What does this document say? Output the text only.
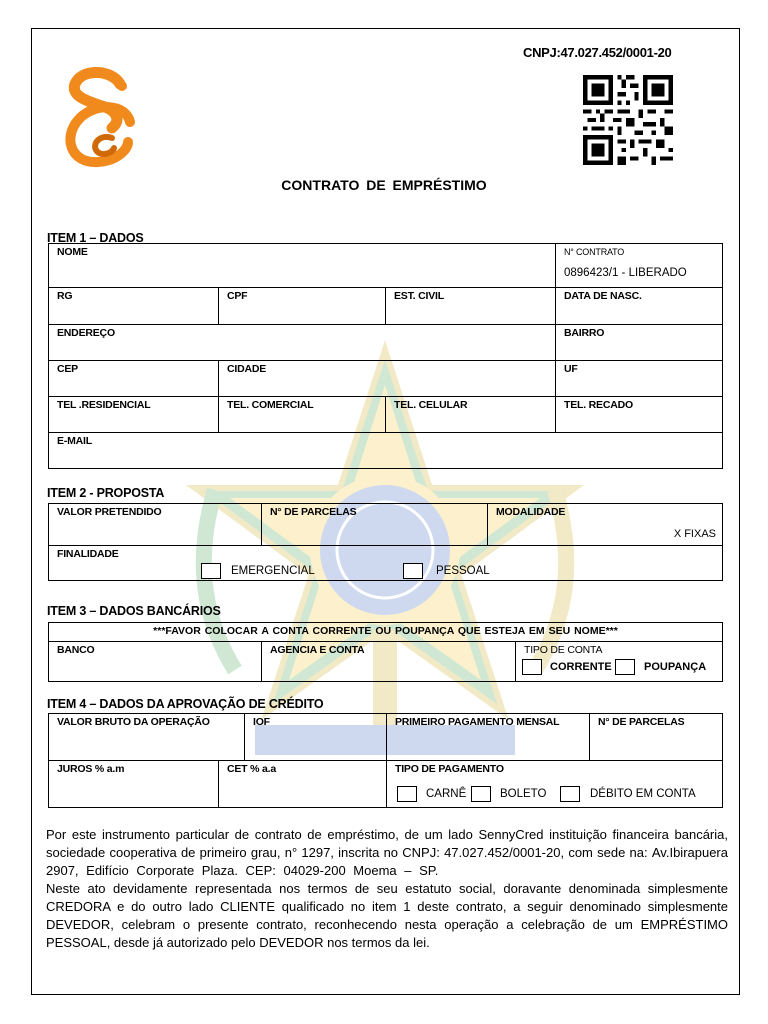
CNPJ:47.027.452/0001-20
CONTRATO DE EMPRÉSTIMO
ITEM 1 – DADOS
NOME	N° CONTRATO
0896423/1 - LIBERADO
RG	CPF	EST. CIVIL	DATA DE NASC.
ENDEREÇO	BAIRRO
CEP	CIDADE	UF
TEL .RESIDENCIAL	TEL. COMERCIAL	TEL. CELULAR	TEL. RECADO
E-MAIL
ITEM 2 - PROPOSTA
VALOR PRETENDIDO	N° DE PARCELAS	MODALIDADE
X FIXAS
FINALIDADE
EMERGENCIAL	PESSOAL
ITEM 3 – DADOS BANCÁRIOS
***FAVOR COLOCAR A CONTA CORRENTE OU POUPANÇA QUE ESTEJA EM SEU NOME***
BANCO	AGENCIA E CONTA	TIPO DE CONTA
CORRENTE	POUPANÇA
ITEM 4 – DADOS DA APROVAÇÃO DE CRÉDITO
VALOR BRUTO DA OPERAÇÃO	IOF	PRIMEIRO PAGAMENTO MENSAL	N° DE PARCELAS
JUROS % a.m	CET % a.a	TIPO DE PAGAMENTO
CARNÊ	BOLETO	DÉBITO EM CONTA

Por este instrumento particular de contrato de empréstimo, de um lado SennyCred instituição financeira bancária, sociedade cooperativa de primeiro grau, n° 1297, inscrita no CNPJ: 47.027.452/0001-20, com sede na: Av.Ibirapuera 2907, Edifício Corporate Plaza. CEP: 04029-200 Moema – SP.

Neste ato devidamente representada nos termos de seu estatuto social, doravante denominada simplesmente CREDORA e do outro lado CLIENTE qualificado no item 1 deste contrato, a seguir denominado simplesmente DEVEDOR, celebram o presente contrato, reconhecendo nesta operação a celebração de um EMPRÉSTIMO PESSOAL, desde já autorizado pelo DEVEDOR nos termos da lei.
